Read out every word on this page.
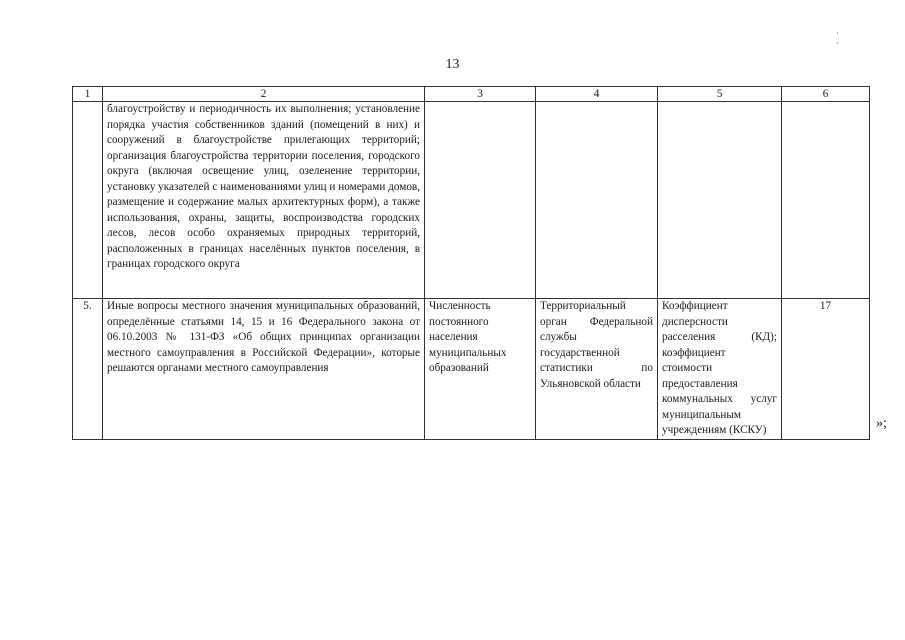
13
· ·
1	2	3	4	5	6
	благоустройству и периодичность их выполнения; установление порядка участия собственников зданий (помещений в них) и сооружений в благоустройстве прилегающих территорий; организация благоустройства территории поселения, городского округа (включая освещение улиц, озеленение территории, установку указателей с наименованиями улиц и номерами домов, размещение и содержание малых архитектурных форм), а также использования, охраны, защиты, воспроизводства городских лесов, лесов особо охраняемых природных территорий, расположенных в границах населённых пунктов поселения, в границах городского округа				
5.	Иные вопросы местного значения муниципальных образований, определённые статьями 14, 15 и 16 Федерального закона от 06.10.2003 № 131-ФЗ «Об общих принципах организации местного самоуправления в Российской Федерации», которые решаются органами местного самоуправления	Численность постоянного населения муниципальных образований	Территориальный орган Федеральной службы государственной статистики по Ульяновской области	Коэффициент дисперсности расселения (КД); коэффициент стоимости предоставления коммунальных услуг муниципальным учреждениям (КСКУ)	17
»;
